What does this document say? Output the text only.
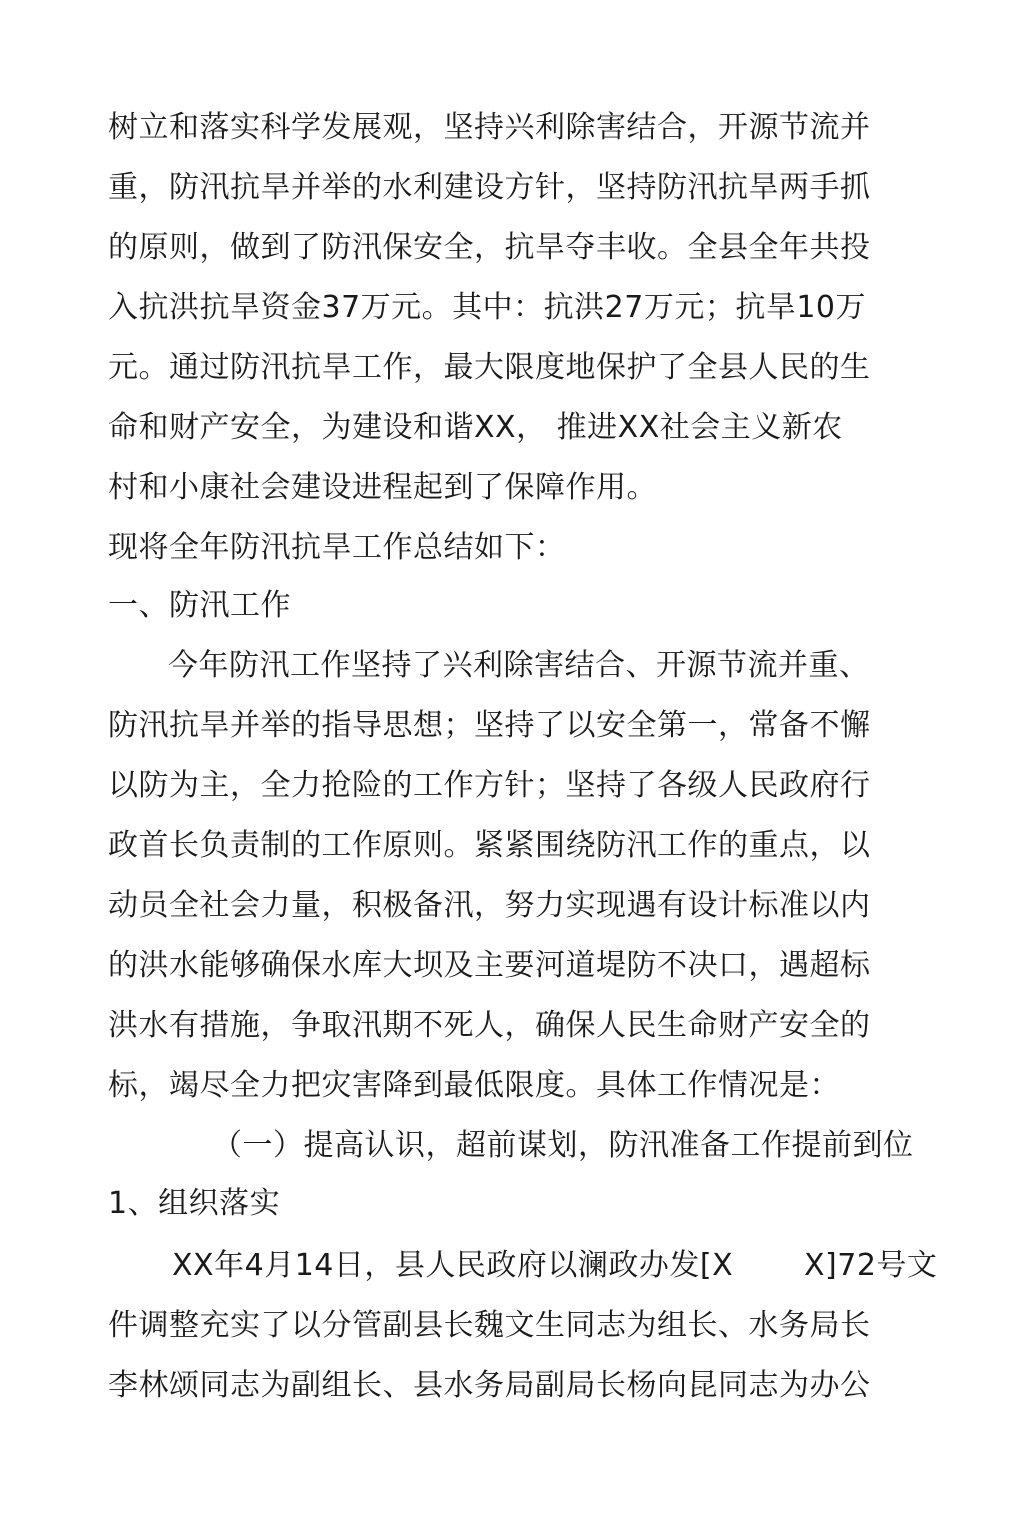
树立和落实科学发展观，坚持兴利除害结合，开源节流并
重，防汛抗旱并举的水利建设方针，坚持防汛抗旱两手抓
的原则，做到了防汛保安全，抗旱夺丰收。全县全年共投
入抗洪抗旱资金37万元。其中：抗洪27万元；抗旱10万
元。通过防汛抗旱工作，最大限度地保护了全县人民的生
命和财产安全，为建设和谐XX， 推进XX社会主义新农
村和小康社会建设进程起到了保障作用。
现将全年防汛抗旱工作总结如下：
一、防汛工作
今年防汛工作坚持了兴利除害结合、开源节流并重、
防汛抗旱并举的指导思想；坚持了以安全第一，常备不懈
以防为主，全力抢险的工作方针；坚持了各级人民政府行
政首长负责制的工作原则。紧紧围绕防汛工作的重点，以
动员全社会力量，积极备汛，努力实现遇有设计标准以内
的洪水能够确保水库大坝及主要河道堤防不决口，遇超标
洪水有措施，争取汛期不死人，确保人民生命财产安全的
标，竭尽全力把灾害降到最低限度。具体工作情况是：
（一）提高认识，超前谋划，防汛准备工作提前到位
1、组织落实
XX年4月14日，县人民政府以澜政办发[X X]72号文
件调整充实了以分管副县长魏文生同志为组长、水务局长
李林颂同志为副组长、县水务局副局长杨向昆同志为办公
